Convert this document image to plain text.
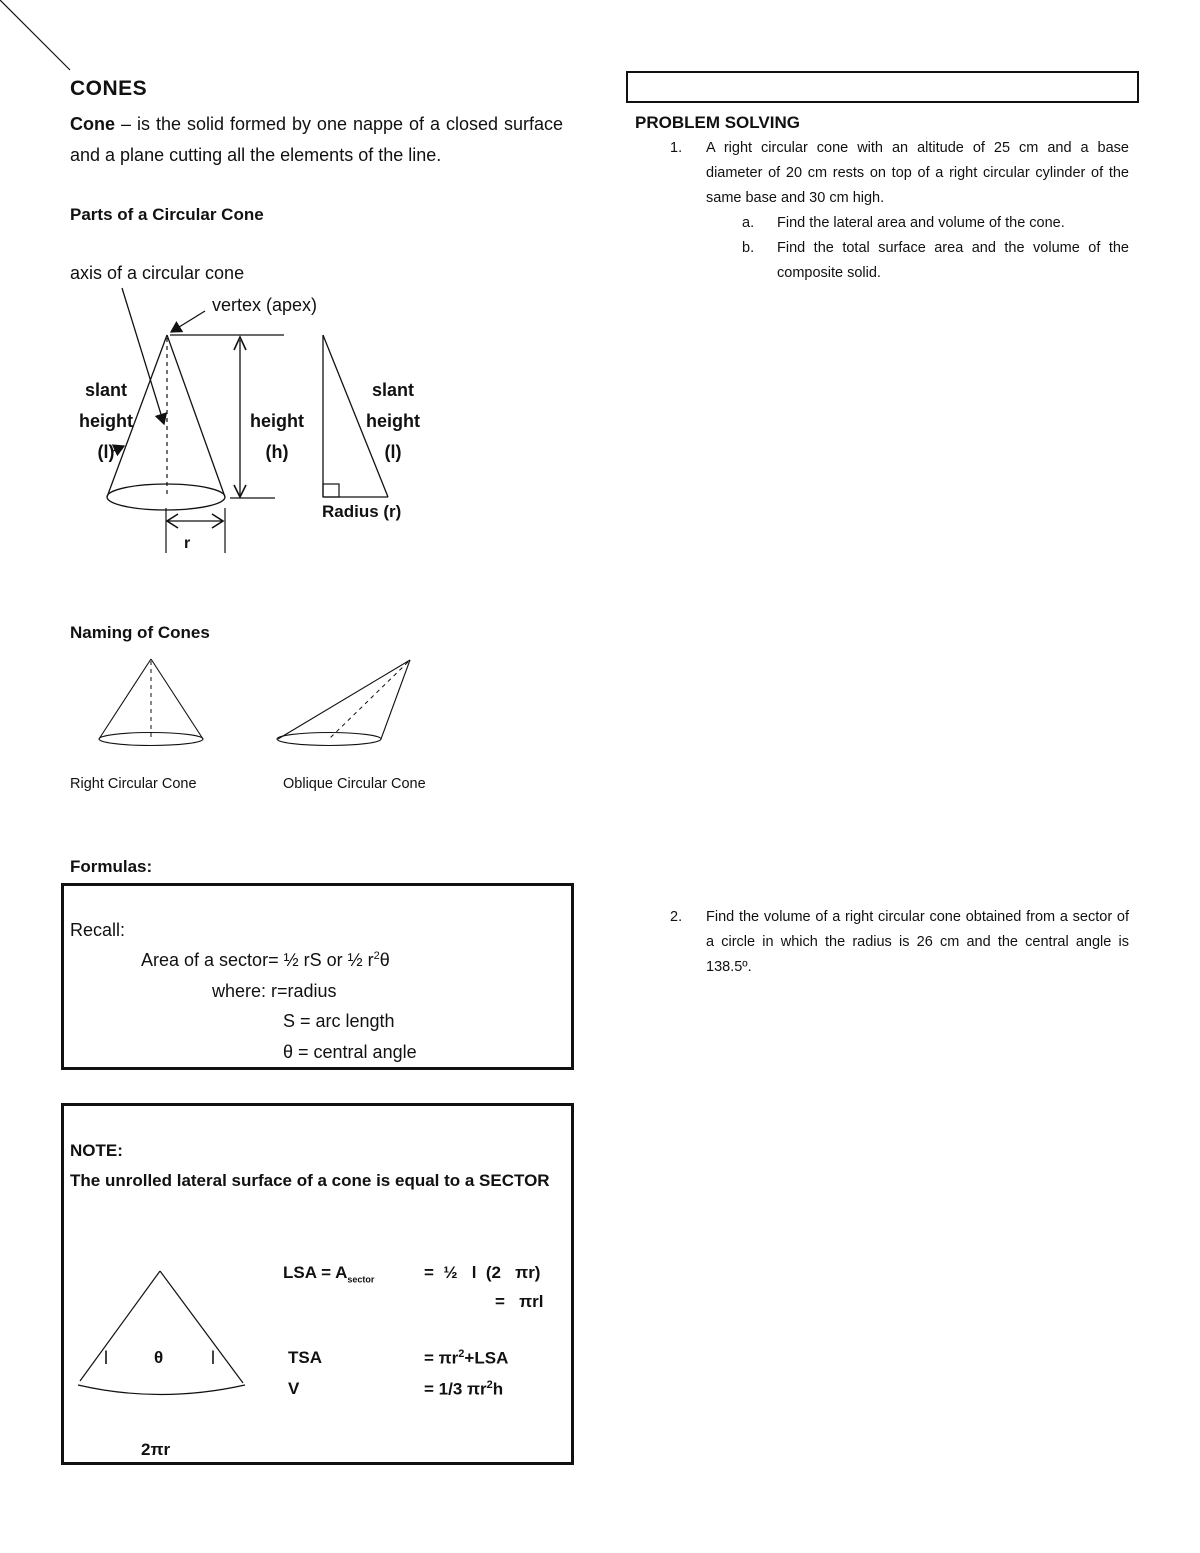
CONES
Cone – is the solid formed by one nappe of a closed surface and a plane cutting all the elements of the line.
Parts of a Circular Cone
axis of a circular cone
vertex (apex)
slant
height
(l)
height
(h)
slant
height
(l)
Radius (r)
r
Naming of Cones
Right Circular Cone	Oblique Circular Cone
Formulas:
Recall:
Area of a sector= ½ rS or ½ $r^2\theta$
where: r=radius
S = arc length
θ = central angle
NOTE:
The unrolled lateral surface of a cone is equal to a SECTOR
l	θ	l
2πr
LSA = $A_{sector}$	=  ½   l  (2   πr)
=   πrl
TSA	= $\pi r^2+LSA$
V	= 1/3 $\pi r^2h$
PROBLEM SOLVING
1. A right circular cone with an altitude of 25 cm and a base diameter of 20 cm rests on top of a right circular cylinder of the same base and 30 cm high.
a. Find the lateral area and volume of the cone.
b. Find the total surface area and the volume of the composite solid.
2. Find the volume of a right circular cone obtained from a sector of a circle in which the radius is 26 cm and the central angle is 138.5º.
